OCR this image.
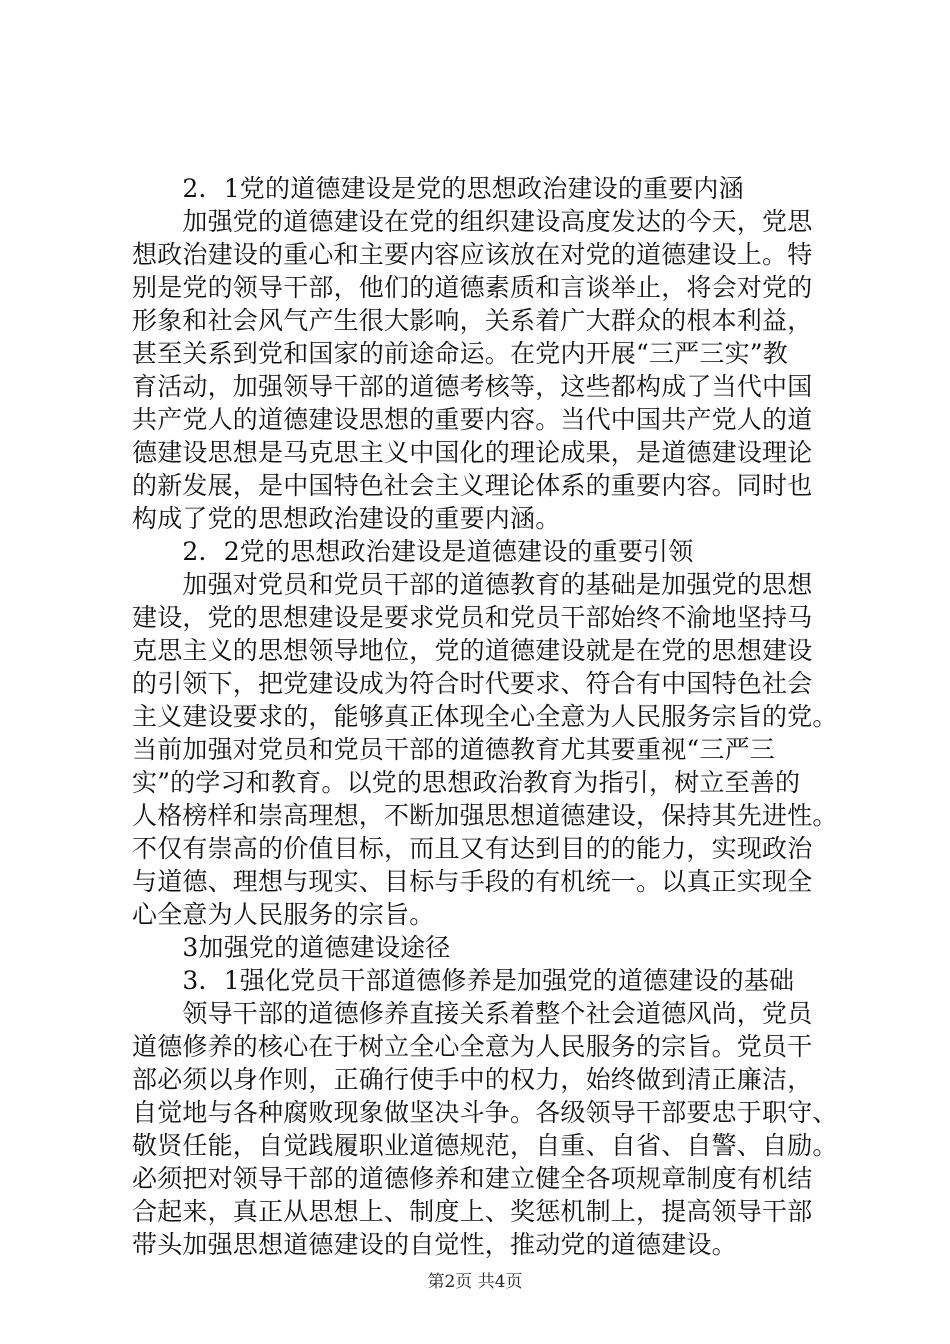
　　2．1党的道德建设是党的思想政治建设的重要内涵
　　加强党的道德建设在党的组织建设高度发达的今天，党思
想政治建设的重心和主要内容应该放在对党的道德建设上。特
别是党的领导干部，他们的道德素质和言谈举止，将会对党的
形象和社会风气产生很大影响，关系着广大群众的根本利益，
甚至关系到党和国家的前途命运。在党内开展“三严三实”教
育活动，加强领导干部的道德考核等，这些都构成了当代中国
共产党人的道德建设思想的重要内容。当代中国共产党人的道
德建设思想是马克思主义中国化的理论成果，是道德建设理论
的新发展，是中国特色社会主义理论体系的重要内容。同时也
构成了党的思想政治建设的重要内涵。
　　2．2党的思想政治建设是道德建设的重要引领
　　加强对党员和党员干部的道德教育的基础是加强党的思想
建设，党的思想建设是要求党员和党员干部始终不渝地坚持马
克思主义的思想领导地位，党的道德建设就是在党的思想建设
的引领下，把党建设成为符合时代要求、符合有中国特色社会
主义建设要求的，能够真正体现全心全意为人民服务宗旨的党。
当前加强对党员和党员干部的道德教育尤其要重视“三严三
实”的学习和教育。以党的思想政治教育为指引，树立至善的
人格榜样和崇高理想，不断加强思想道德建设，保持其先进性。
不仅有崇高的价值目标，而且又有达到目的的能力，实现政治
与道德、理想与现实、目标与手段的有机统一。以真正实现全
心全意为人民服务的宗旨。
　　3加强党的道德建设途径
　　3．1强化党员干部道德修养是加强党的道德建设的基础
　　领导干部的道德修养直接关系着整个社会道德风尚，党员
道德修养的核心在于树立全心全意为人民服务的宗旨。党员干
部必须以身作则，正确行使手中的权力，始终做到清正廉洁，
自觉地与各种腐败现象做坚决斗争。各级领导干部要忠于职守、
敬贤任能，自觉践履职业道德规范，自重、自省、自警、自励。
必须把对领导干部的道德修养和建立健全各项规章制度有机结
合起来，真正从思想上、制度上、奖惩机制上，提高领导干部
带头加强思想道德建设的自觉性，推动党的道德建设。
第2页 共4页
